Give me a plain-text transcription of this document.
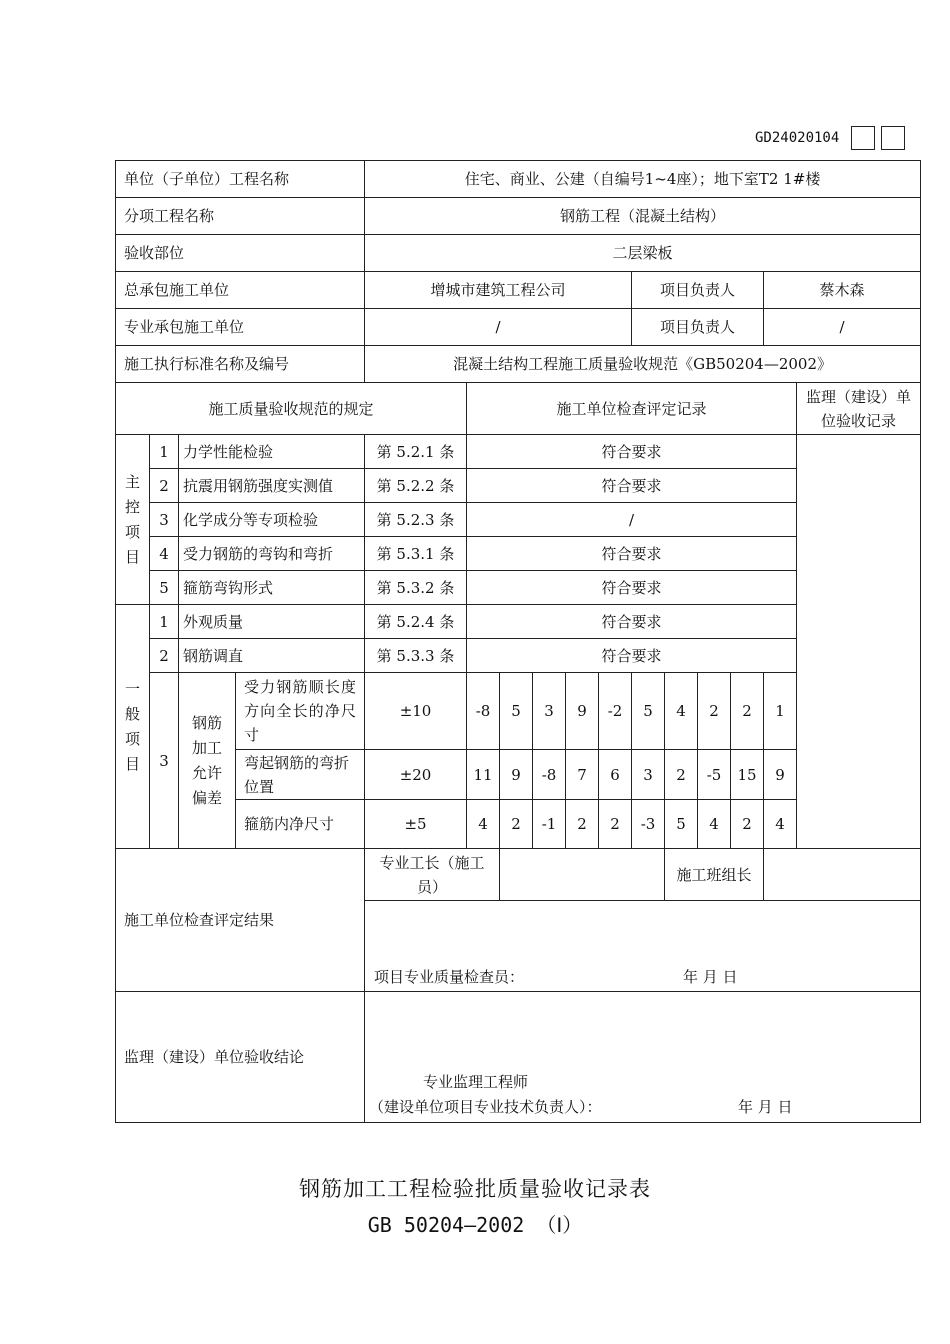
GD24020104
单位（子单位）工程名称				住宅、商业、公建（自编号1~4座）；地下室T2 1#楼											
分项工程名称				钢筋工程（混凝土结构）											
验收部位				二层梁板											
总承包施工单位				增城市建筑工程公司						项目负责人				蔡木森	
专业承包施工单位				/						项目负责人				/	
施工执行标准名称及编号				混凝土结构工程施工质量验收规范《GB50204—2002》											
施工质量验收规范的规定					施工单位检查评定记录										监理（建设）单位验收记录

主
控
项
目	1	力学性能检验		第 5.2.1 条	符合要求										
	2	抗震用钢筋强度实测值		第 5.2.2 条	符合要求										
	3	化学成分等专项检验		第 5.2.3 条	/										
	4	受力钢筋的弯钩和弯折		第 5.3.1 条	符合要求										
	5	箍筋弯钩形式		第 5.3.2 条	符合要求										

一
般
项
目	1	外观质量		第 5.2.4 条	符合要求										
	2	钢筋调直		第 5.3.3 条	符合要求										
	3	钢筋
加工
允许
偏差	受力钢筋顺长度方向全长的净尺寸	±10	-8	5	3	9	-2	5	4	2	2	1	
			弯起钢筋的弯折位置	±20	11	9	-8	7	6	3	2	-5	15	9	
			箍筋内净尺寸	±5	4	2	-1	2	2	-3	5	4	2	4	
施工单位检查评定结果				专业工长（施工员）							施工班组长				

				项目专业质量检查员： 年 月 日											

监理（建设）单位验收结论				专业监理工程师
（建设单位项目专业技术负责人）： 年 月 日											
钢筋加工工程检验批质量验收记录表
GB 50204—2002 （Ⅰ）
